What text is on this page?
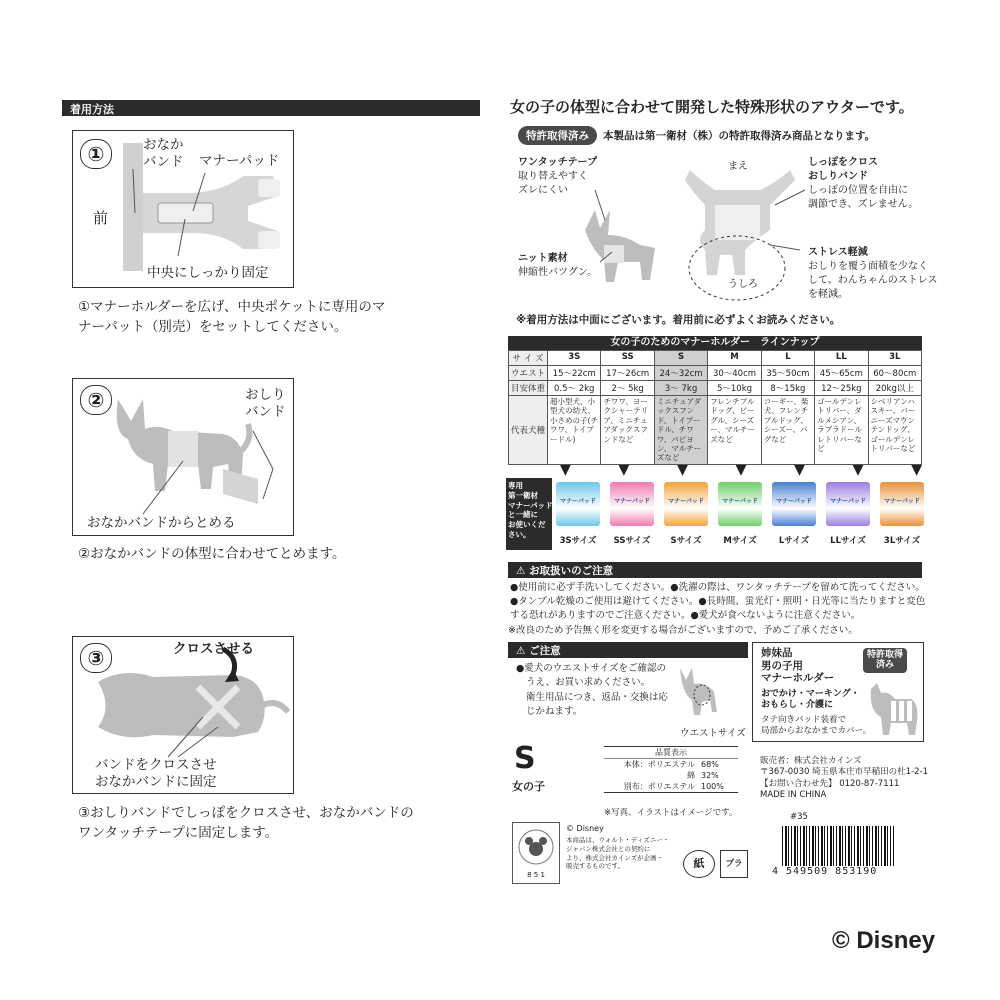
着用方法
①	おなか
バンド マナーパッド
前
中央にしっかり固定
①マナーホルダーを広げ、中央ポケットに専用のマ
ナーパット（別売）をセットしてください。
②	おしり
バンド
おなかバンドからとめる
②おなかバンドの体型に合わせてとめます。
③	クロスさせる
バンドをクロスさせ
おなかバンドに固定
③おしりバンドでしっぽをクロスさせ、おなかバンドの
ワンタッチテープに固定します。
女の子の体型に合わせて開発した特殊形状のアウターです。
特許取得済み	本製品は第一衛材（株）の特許取得済み商品となります。
ワンタッチテープ
取り替えやすく
ズレにくい
ニット素材
伸縮性バツグン。
まえ
うしろ
しっぽをクロス
おしりバンド
しっぽの位置を自由に
調節でき、ズレません。
ストレス軽減
おしりを覆う面積を少なく
して、わんちゃんのストレス
を軽減。
※着用方法は中面にございます。着用前に必ずよくお読みください。
女の子のためのマナーホルダー　ラインナップ
サ イ ズ	3S	SS	S	M	L	LL	3L
ウエスト	15〜22cm	17〜26cm	24〜32cm	30〜40cm	35〜50cm	45〜65cm	60〜80cm
目安体重	0.5〜 2kg	2〜 5kg	3〜 7kg	5〜10kg	8〜15kg	12〜25kg	20kg以上
代表犬種	超小型犬、小型犬の幼犬、小さめの子(チワワ、トイプードル)	チワワ、ヨークシャーテリア、ミニチュアダックスフンドなど	ミニチュアダックスフンド、トイプードル、チワワ、パピヨン、マルチーズなど	フレンチブルドッグ、ビーグル、シーズー、マルチーズなど	コーギー、柴犬、フレンチブルドッグ、シーズー、パグなど	ゴールデンレトリバー、ダルメシアン、ラブラドールレトリバーなど	シベリアンハスキー、バーニーズマウンテンドッグ、ゴールデンレトリバーなど
▼	▼	▼	▼	▼	▼	▼
専用
第一衛材
マナーパッド
と一緒に
お使いくだ
さい。
マナーパッド
3Sサイズ
マナーパッド
SSサイズ
マナーパッド
Sサイズ
マナーパッド
Mサイズ
マナーパッド
Lサイズ
マナーパッド
LLサイズ
マナーパッド
3Lサイズ
⚠ お取扱いのご注意
●使用前に必ず手洗いしてください。●洗濯の際は、ワンタッチテープを留めて洗ってください。
●タンブル乾燥のご使用は避けてください。●長時間、蛍光灯・照明・日光等に当たりますと変色
する恐れがありますのでご注意ください。●愛犬が食べないように注意ください。
※改良のため予告無く形を変更する場合がございますので、予めご了承ください。
⚠ ご注意
●愛犬のウエストサイズをご確認の
うえ、お買い求めください。
衛生用品につき、返品・交換は応
じかねます。
ウエストサイズ
姉妹品
男の子用
マナーホルダー
特許取得
済み
おでかけ・マーキング・
おもらし・介護に
タテ向きパッド装着で
局部からおなかまでカバー。
S
女の子
品質表示
本体：ポリエステル	68%
綿	32%
別布：ポリエステル	100%
販売者：株式会社カインズ
〒367-0030 埼玉県本庄市早稲田の杜1-2-1
【お問い合わせ先】 0120-87-7111
MADE IN CHINA
※写真、イラストはイメージです。	#35
8 5 1
© Disney
本商品は、ウォルト・ディズニー・
ジャパン株式会社との契約に
より、株式会社カインズが企画・
販売するものです。	紙	プラ
4 549509 853190
© Disney
